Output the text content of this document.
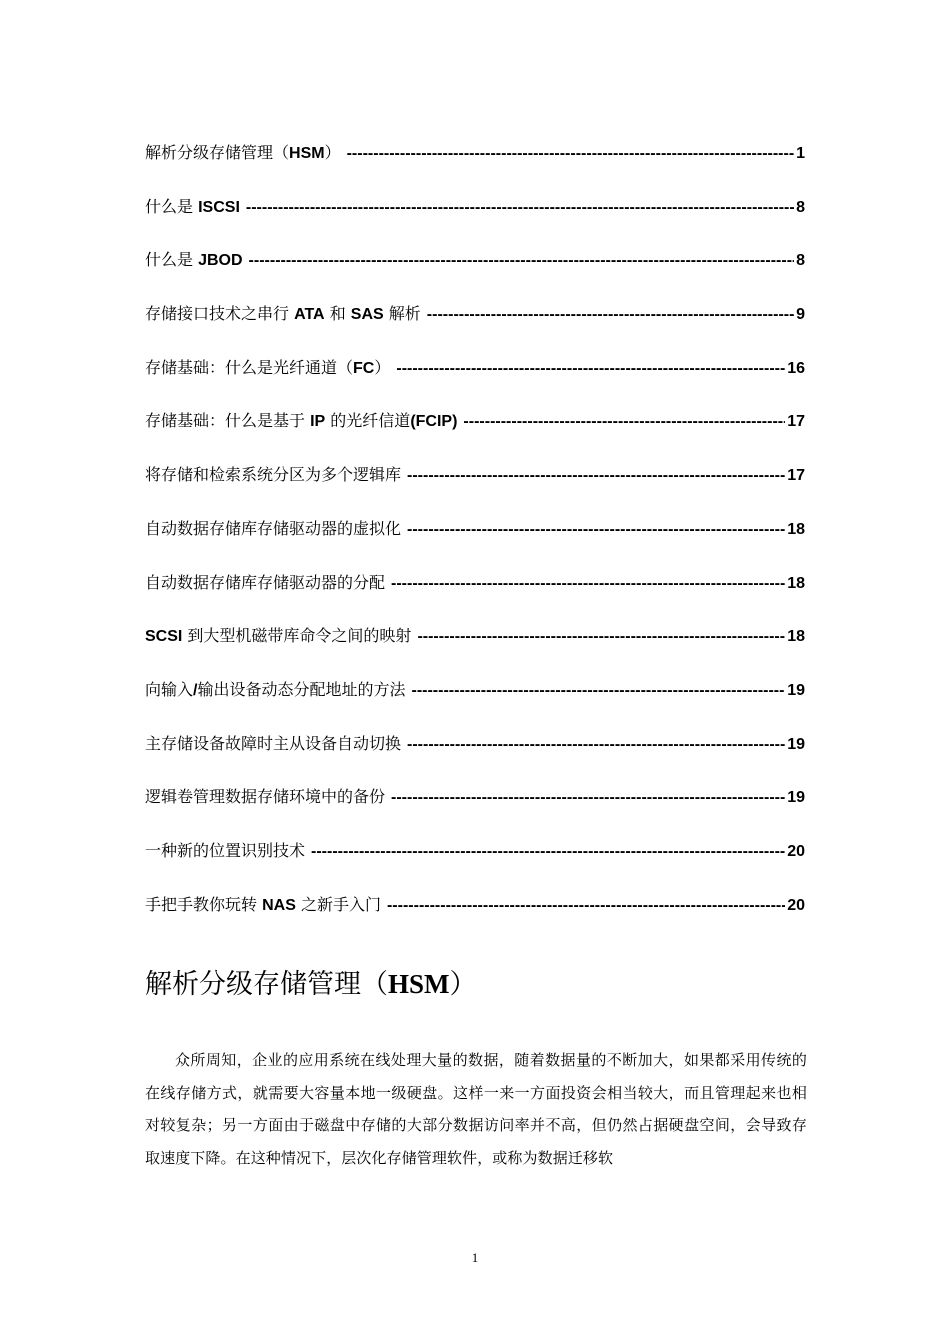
解析分级存储管理（HSM） -----	1
什么是 ISCSI -----	8
什么是 JBOD -----	8
存储接口技术之串行 ATA 和 SAS 解析 -----	9
存储基础：什么是光纤通道（FC） -----	16
存储基础：什么是基于 IP 的光纤信道(FCIP) -----	17
将存储和检索系统分区为多个逻辑库 -----	17
自动数据存储库存储驱动器的虚拟化 -----	18
自动数据存储库存储驱动器的分配 -----	18
SCSI 到大型机磁带库命令之间的映射 -----	18
向输入/输出设备动态分配地址的方法 -----	19
主存储设备故障时主从设备自动切换 -----	19
逻辑卷管理数据存储环境中的备份 -----	19
一种新的位置识别技术 -----	20
手把手教你玩转 NAS 之新手入门 -----	20
解析分级存储管理（HSM）
众所周知，企业的应用系统在线处理大量的数据，随着数据量的不断加大，如果都采用传统的在线存储方式，就需要大容量本地一级硬盘。这样一来一方面投资会相当较大，而且管理起来也相对较复杂；另一方面由于磁盘中存储的大部分数据访问率并不高，但仍然占据硬盘空间，会导致存取速度下降。在这种情况下，层次化存储管理软件，或称为数据迁移软
1
